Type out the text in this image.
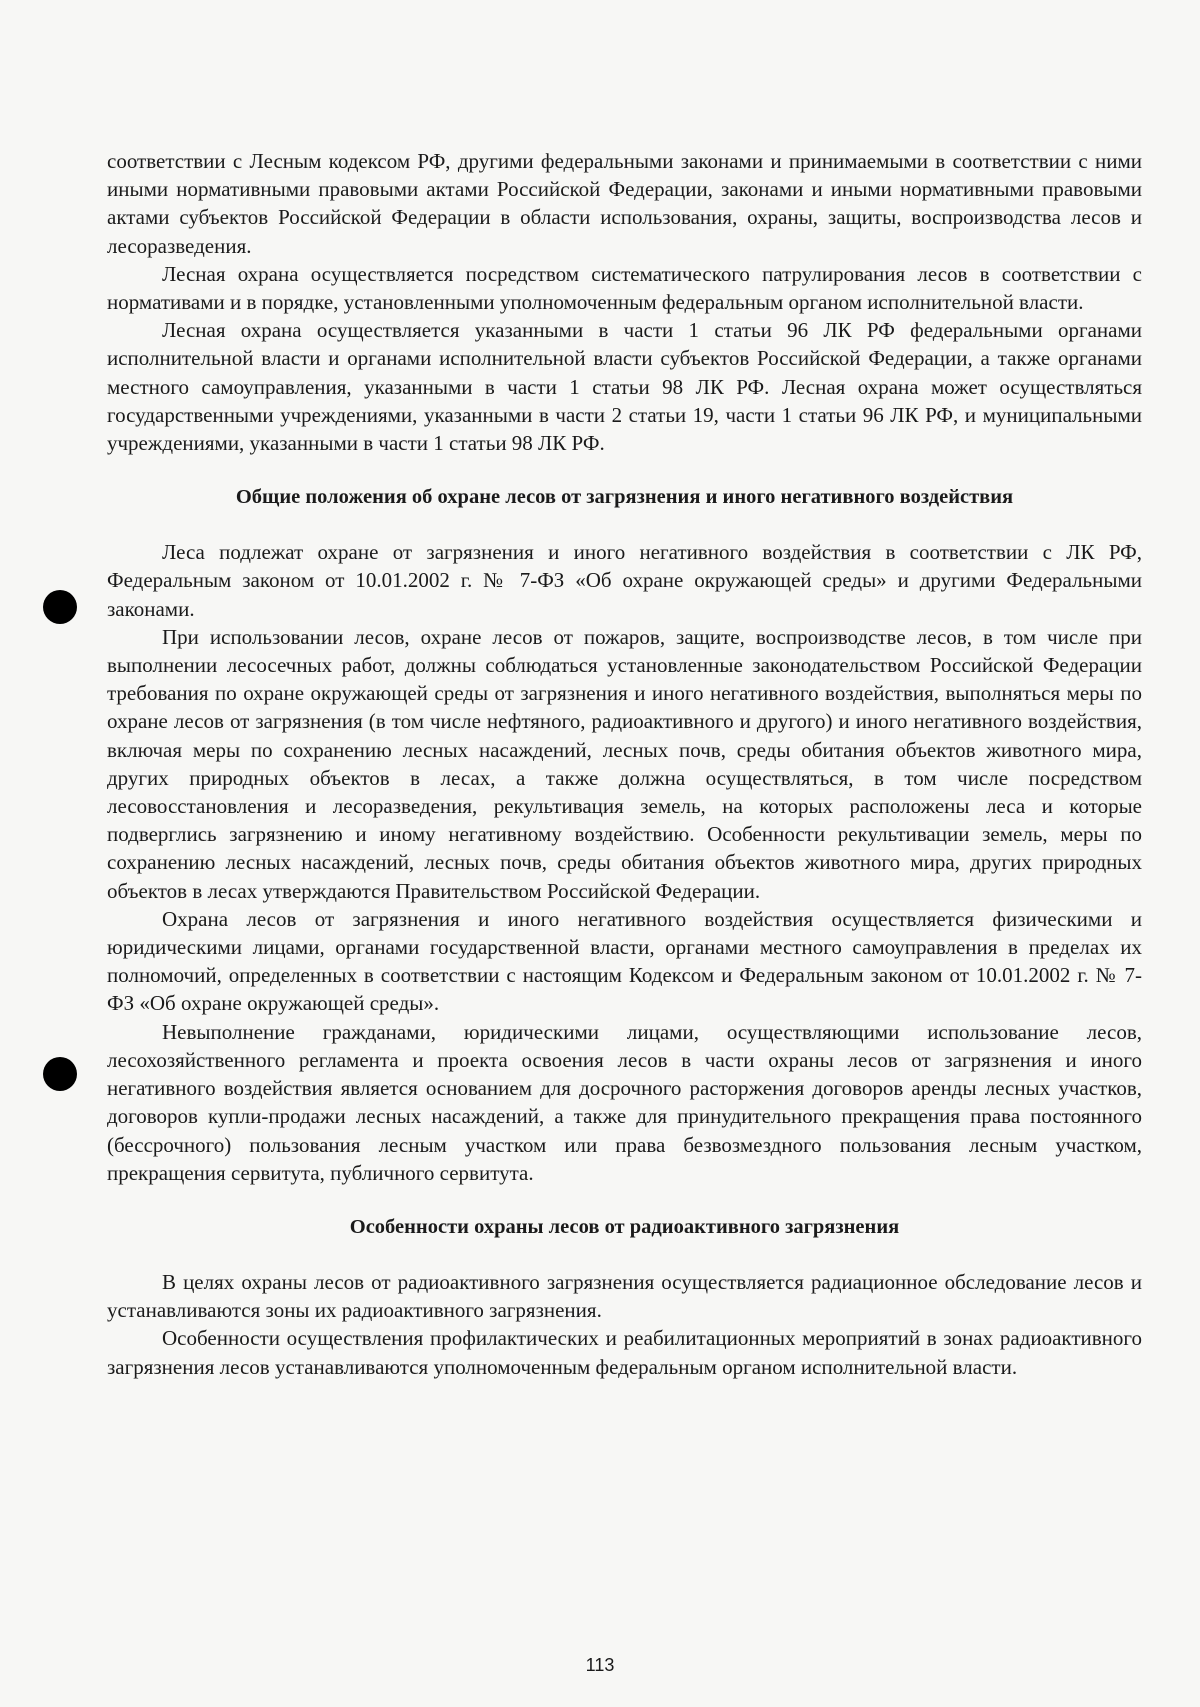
соответствии с Лесным кодексом РФ, другими федеральными законами и принимаемыми в соответствии с ними иными нормативными правовыми актами Российской Федерации, законами и иными нормативными правовыми актами субъектов Российской Федерации в области использования, охраны, защиты, воспроизводства лесов и лесоразведения.

Лесная охрана осуществляется посредством систематического патрулирования лесов в соответствии с нормативами и в порядке, установленными уполномоченным федеральным органом исполнительной власти.

Лесная охрана осуществляется указанными в части 1 статьи 96 ЛК РФ федеральными органами исполнительной власти и органами исполнительной власти субъектов Российской Федерации, а также органами местного самоуправления, указанными в части 1 статьи 98 ЛК РФ. Лесная охрана может осуществляться государственными учреждениями, указанными в части 2 статьи 19, части 1 статьи 96 ЛК РФ, и муниципальными учреждениями, указанными в части 1 статьи 98 ЛК РФ.

Общие положения об охране лесов от загрязнения и иного негативного воздействия

Леса подлежат охране от загрязнения и иного негативного воздействия в соответствии с ЛК РФ, Федеральным законом от 10.01.2002 г. № 7-ФЗ «Об охране окружающей среды» и другими Федеральными законами.

При использовании лесов, охране лесов от пожаров, защите, воспроизводстве лесов, в том числе при выполнении лесосечных работ, должны соблюдаться установленные законодательством Российской Федерации требования по охране окружающей среды от загрязнения и иного негативного воздействия, выполняться меры по охране лесов от загрязнения (в том числе нефтяного, радиоактивного и другого) и иного негативного воздействия, включая меры по сохранению лесных насаждений, лесных почв, среды обитания объектов животного мира, других природных объектов в лесах, а также должна осуществляться, в том числе посредством лесовосстановления и лесоразведения, рекультивация земель, на которых расположены леса и которые подверглись загрязнению и иному негативному воздействию. Особенности рекультивации земель, меры по сохранению лесных насаждений, лесных почв, среды обитания объектов животного мира, других природных объектов в лесах утверждаются Правительством Российской Федерации.

Охрана лесов от загрязнения и иного негативного воздействия осуществляется физическими и юридическими лицами, органами государственной власти, органами местного самоуправления в пределах их полномочий, определенных в соответствии с настоящим Кодексом и Федеральным законом от 10.01.2002 г. № 7-ФЗ «Об охране окружающей среды».

Невыполнение гражданами, юридическими лицами, осуществляющими использование лесов, лесохозяйственного регламента и проекта освоения лесов в части охраны лесов от загрязнения и иного негативного воздействия является основанием для досрочного расторжения договоров аренды лесных участков, договоров купли-продажи лесных насаждений, а также для принудительного прекращения права постоянного (бессрочного) пользования лесным участком или права безвозмездного пользования лесным участком, прекращения сервитута, публичного сервитута.

Особенности охраны лесов от радиоактивного загрязнения

В целях охраны лесов от радиоактивного загрязнения осуществляется радиационное обследование лесов и устанавливаются зоны их радиоактивного загрязнения.

Особенности осуществления профилактических и реабилитационных мероприятий в зонах радиоактивного загрязнения лесов устанавливаются уполномоченным федеральным органом исполнительной власти.

113
